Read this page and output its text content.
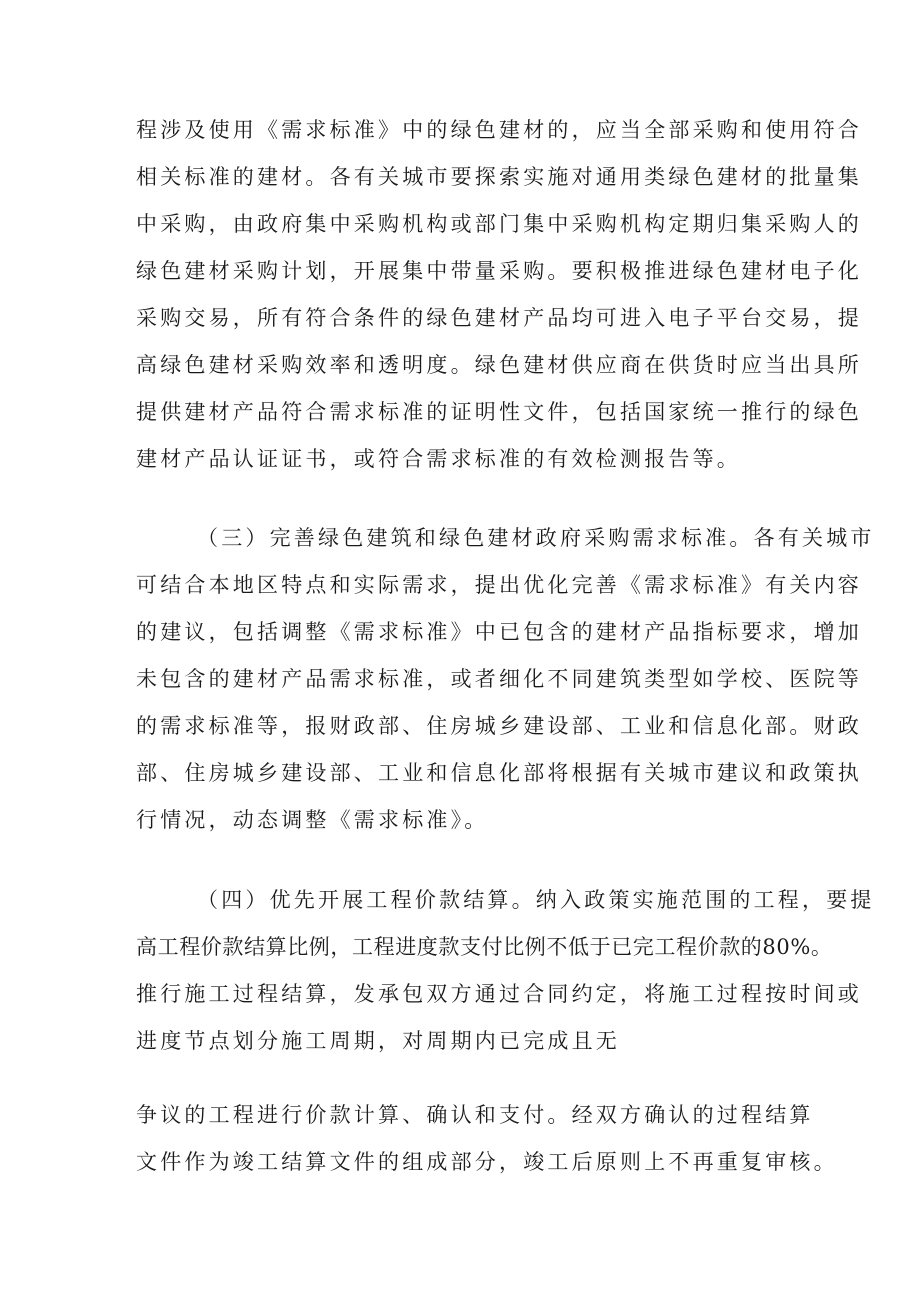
程涉及使用《需求标准》中的绿色建材的，应当全部采购和使用符合
相关标准的建材。各有关城市要探索实施对通用类绿色建材的批量集
中采购，由政府集中采购机构或部门集中采购机构定期归集采购人的
绿色建材采购计划，开展集中带量采购。要积极推进绿色建材电子化
采购交易，所有符合条件的绿色建材产品均可进入电子平台交易，提
高绿色建材采购效率和透明度。绿色建材供应商在供货时应当出具所
提供建材产品符合需求标准的证明性文件，包括国家统一推行的绿色
建材产品认证证书，或符合需求标准的有效检测报告等。
（三）完善绿色建筑和绿色建材政府采购需求标准。各有关城市
可结合本地区特点和实际需求，提出优化完善《需求标准》有关内容
的建议，包括调整《需求标准》中已包含的建材产品指标要求，增加
未包含的建材产品需求标准，或者细化不同建筑类型如学校、医院等
的需求标准等，报财政部、住房城乡建设部、工业和信息化部。财政
部、住房城乡建设部、工业和信息化部将根据有关城市建议和政策执
行情况，动态调整《需求标准》。
（四）优先开展工程价款结算。纳入政策实施范围的工程，要提
高工程价款结算比例，工程进度款支付比例不低于已完工程价款的80%。
推行施工过程结算，发承包双方通过合同约定，将施工过程按时间或
进度节点划分施工周期，对周期内已完成且无
争议的工程进行价款计算、确认和支付。经双方确认的过程结算
文件作为竣工结算文件的组成部分，竣工后原则上不再重复审核。
